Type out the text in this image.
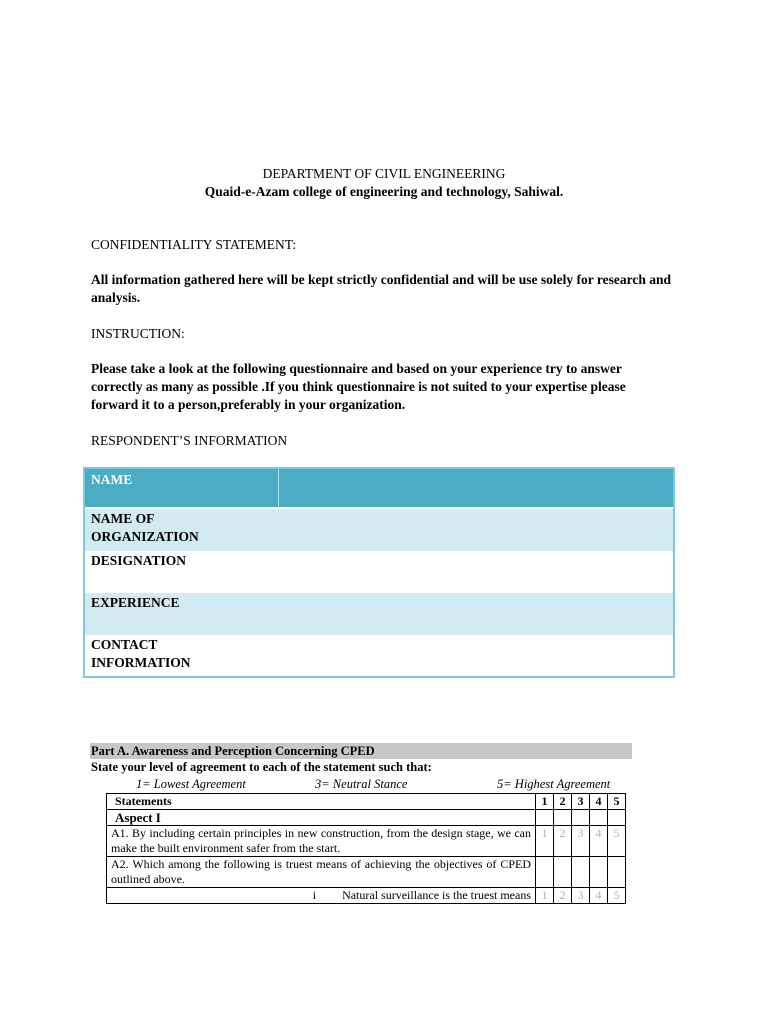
DEPARTMENT OF CIVIL ENGINEERING
Quaid-e-Azam college of engineering and technology, Sahiwal.
CONFIDENTIALITY STATEMENT:
All information gathered here will be kept strictly confidential and will be use solely for research and analysis.
INSTRUCTION:
Please take a look at the following questionnaire and based on your experience try to answer correctly as many as possible .If you think questionnaire is not suited to your expertise please forward it to a person,preferably in your organization.
RESPONDENT’S INFORMATION
NAME
NAME OF ORGANIZATION
DESIGNATION
EXPERIENCE
CONTACT INFORMATION
Part A. Awareness and Perception Concerning CPED
State your level of agreement to each of the statement such that:
1= Lowest Agreement	3= Neutral Stance	5= Highest Agreement
Statements	1	2	3	4	5
Aspect I					
A1. By including certain principles in new construction, from the design stage, we can make the built environment safer from the start.	1	2	3	4	5
A2. Which among the following is truest means of achieving the objectives of CPED outlined above.					
i Natural surveillance is the truest means	1	2	3	4	5
